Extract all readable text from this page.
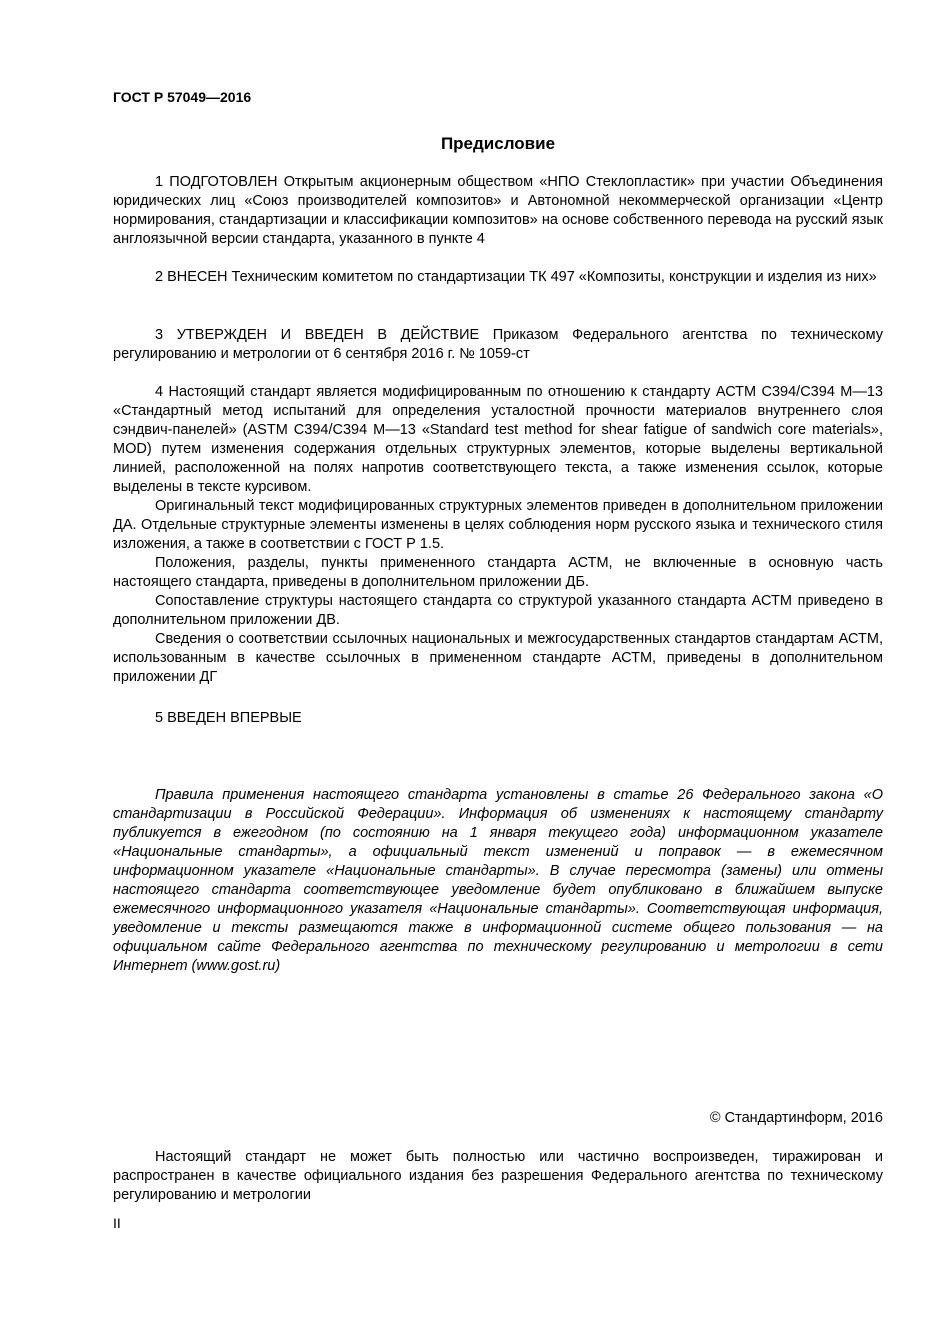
ГОСТ Р 57049—2016
Предисловие

1 ПОДГОТОВЛЕН Открытым акционерным обществом «НПО Стеклопластик» при участии Объединения юридических лиц «Союз производителей композитов» и Автономной некоммерческой организации «Центр нормирования, стандартизации и классификации композитов» на основе собственного перевода на русский язык англоязычной версии стандарта, указанного в пункте 4

2 ВНЕСЕН Техническим комитетом по стандартизации ТК 497 «Композиты, конструкции и изделия из них»

3 УТВЕРЖДЕН И ВВЕДЕН В ДЕЙСТВИЕ Приказом Федерального агентства по техническому регулированию и метрологии от 6 сентября 2016 г. № 1059-ст

4 Настоящий стандарт является модифицированным по отношению к стандарту АСТМ С394/С394 М—13 «Стандартный метод испытаний для определения усталостной прочности материалов внутреннего слоя сэндвич-панелей» (ASTM С394/С394 М—13 «Standard test method for shear fatigue of sandwich core materials», MOD) путем изменения содержания отдельных структурных элементов, которые выделены вертикальной линией, расположенной на полях напротив соответствующего текста, а также изменения ссылок, которые выделены в тексте курсивом.

Оригинальный текст модифицированных структурных элементов приведен в дополнительном приложении ДА. Отдельные структурные элементы изменены в целях соблюдения норм русского языка и технического стиля изложения, а также в соответствии с ГОСТ Р 1.5.

Положения, разделы, пункты примененного стандарта АСТМ, не включенные в основную часть настоящего стандарта, приведены в дополнительном приложении ДБ.

Сопоставление структуры настоящего стандарта со структурой указанного стандарта АСТМ приведено в дополнительном приложении ДВ.

Сведения о соответствии ссылочных национальных и межгосударственных стандартов стандартам АСТМ, использованным в качестве ссылочных в примененном стандарте АСТМ, приведены в дополнительном приложении ДГ

5 ВВЕДЕН ВПЕРВЫЕ

Правила применения настоящего стандарта установлены в статье 26 Федерального закона «О стандартизации в Российской Федерации». Информация об изменениях к настоящему стандарту публикуется в ежегодном (по состоянию на 1 января текущего года) информационном указателе «Национальные стандарты», а официальный текст изменений и поправок — в ежемесячном информационном указателе «Национальные стандарты». В случае пересмотра (замены) или отмены настоящего стандарта соответствующее уведомление будет опубликовано в ближайшем выпуске ежемесячного информационного указателя «Национальные стандарты». Соответствующая информация, уведомление и тексты размещаются также в информационной системе общего пользования — на официальном сайте Федерального агентства по техническому регулированию и метрологии в сети Интернет (www.gost.ru)

© Стандартинформ, 2016

Настоящий стандарт не может быть полностью или частично воспроизведен, тиражирован и распространен в качестве официального издания без разрешения Федерального агентства по техническому регулированию и метрологии

II
